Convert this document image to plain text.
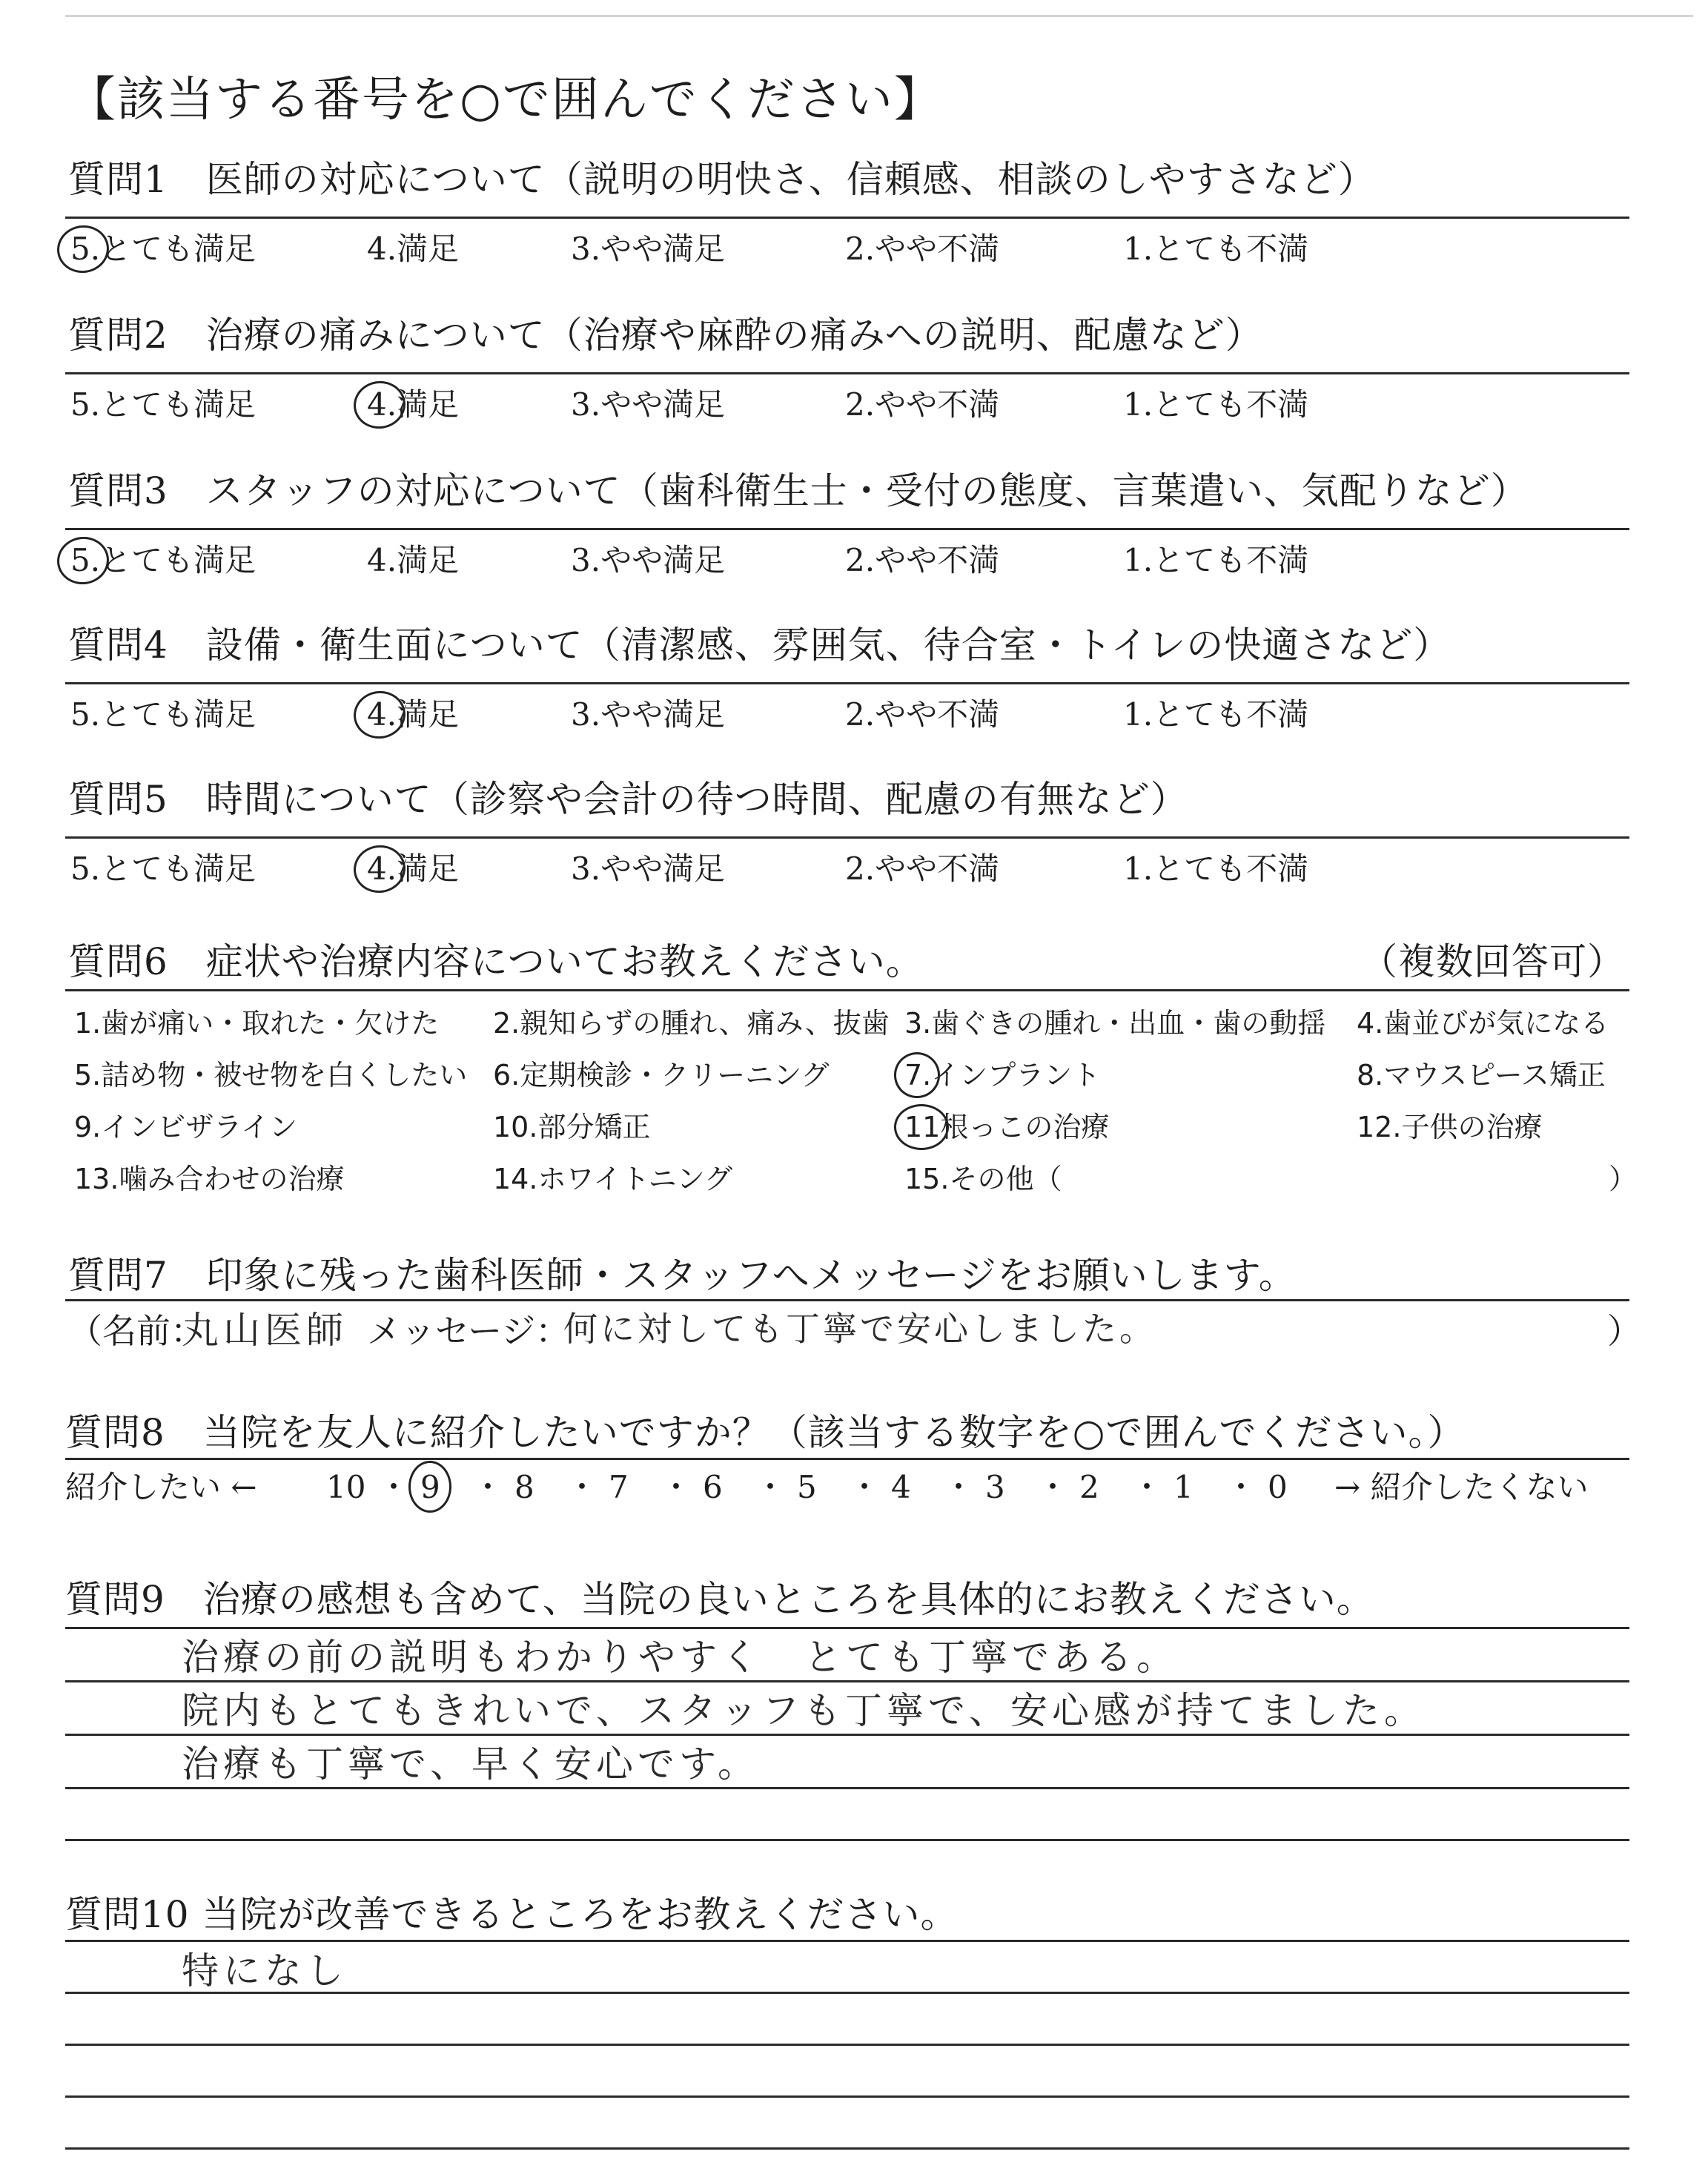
【該当する番号を○で囲んでください】
質問1　医師の対応について（説明の明快さ、信頼感、相談のしやすさなど）
5.とても満足	4.満足	3.やや満足	2.やや不満	1.とても不満
質問2　治療の痛みについて（治療や麻酔の痛みへの説明、配慮など）
5.とても満足	4.満足	3.やや満足	2.やや不満	1.とても不満
質問3　スタッフの対応について（歯科衛生士・受付の態度、言葉遣い、気配りなど）
5.とても満足	4.満足	3.やや満足	2.やや不満	1.とても不満
質問4　設備・衛生面について（清潔感、雰囲気、待合室・トイレの快適さなど）
5.とても満足	4.満足	3.やや満足	2.やや不満	1.とても不満
質問5　時間について（診察や会計の待つ時間、配慮の有無など）
5.とても満足	4.満足	3.やや満足	2.やや不満	1.とても不満
質問6　症状や治療内容についてお教えください。	（複数回答可）
1.歯が痛い・取れた・欠けた 2.親知らずの腫れ、痛み、抜歯 3.歯ぐきの腫れ・出血・歯の動揺 4.歯並びが気になる
5.詰め物・被せ物を白くしたい 6.定期検診・クリーニング	7.インプラント	8.マウスピース矯正
9.インビザライン	10.部分矯正	11根っこの治療	12.子供の治療
13.噛み合わせの治療	14.ホワイトニング	15.その他（	）
質問7　印象に残った歯科医師・スタッフへメッセージをお願いします。
（名前：
丸山医師 メッセージ：
何に対しても丁寧で安心しました。	）
質問8　当院を友人に紹介したいですか？（該当する数字を○で囲んでください。）
紹介したい ←	→ 紹介したくない
10 ・ 9 ・ 8 ・ 7 ・ 6 ・ 5 ・ 4 ・ 3 ・ 2 ・ 1 ・ 0
質問9　治療の感想も含めて、当院の良いところを具体的にお教えください。
治療の前の説明もわかりやすく　とても丁寧である。
院内もとてもきれいで、スタッフも丁寧で、安心感が持てました。
治療も丁寧で、早く安心です。
質問10 当院が改善できるところをお教えください。
特になし
